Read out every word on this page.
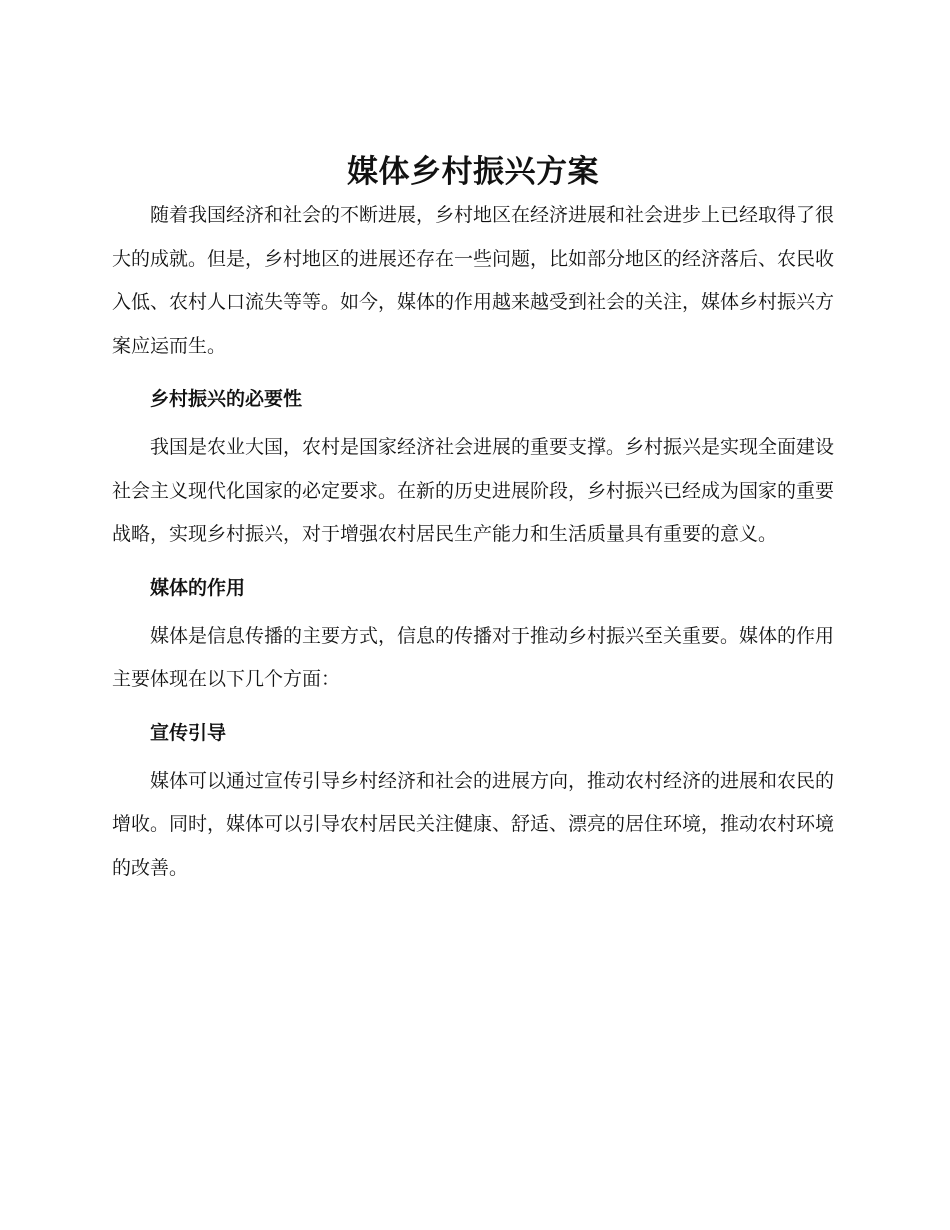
媒体乡村振兴方案

随着我国经济和社会的不断进展，乡村地区在经济进展和社会进步上已经取得了很大的成就。但是，乡村地区的进展还存在一些问题，比如部分地区的经济落后、农民收入低、农村人口流失等等。如今，媒体的作用越来越受到社会的关注，媒体乡村振兴方案应运而生。

乡村振兴的必要性

我国是农业大国，农村是国家经济社会进展的重要支撑。乡村振兴是实现全面建设社会主义现代化国家的必定要求。在新的历史进展阶段，乡村振兴已经成为国家的重要战略，实现乡村振兴，对于增强农村居民生产能力和生活质量具有重要的意义。

媒体的作用

媒体是信息传播的主要方式，信息的传播对于推动乡村振兴至关重要。媒体的作用主要体现在以下几个方面：

宣传引导

媒体可以通过宣传引导乡村经济和社会的进展方向，推动农村经济的进展和农民的增收。同时，媒体可以引导农村居民关注健康、舒适、漂亮的居住环境，推动农村环境的改善。
